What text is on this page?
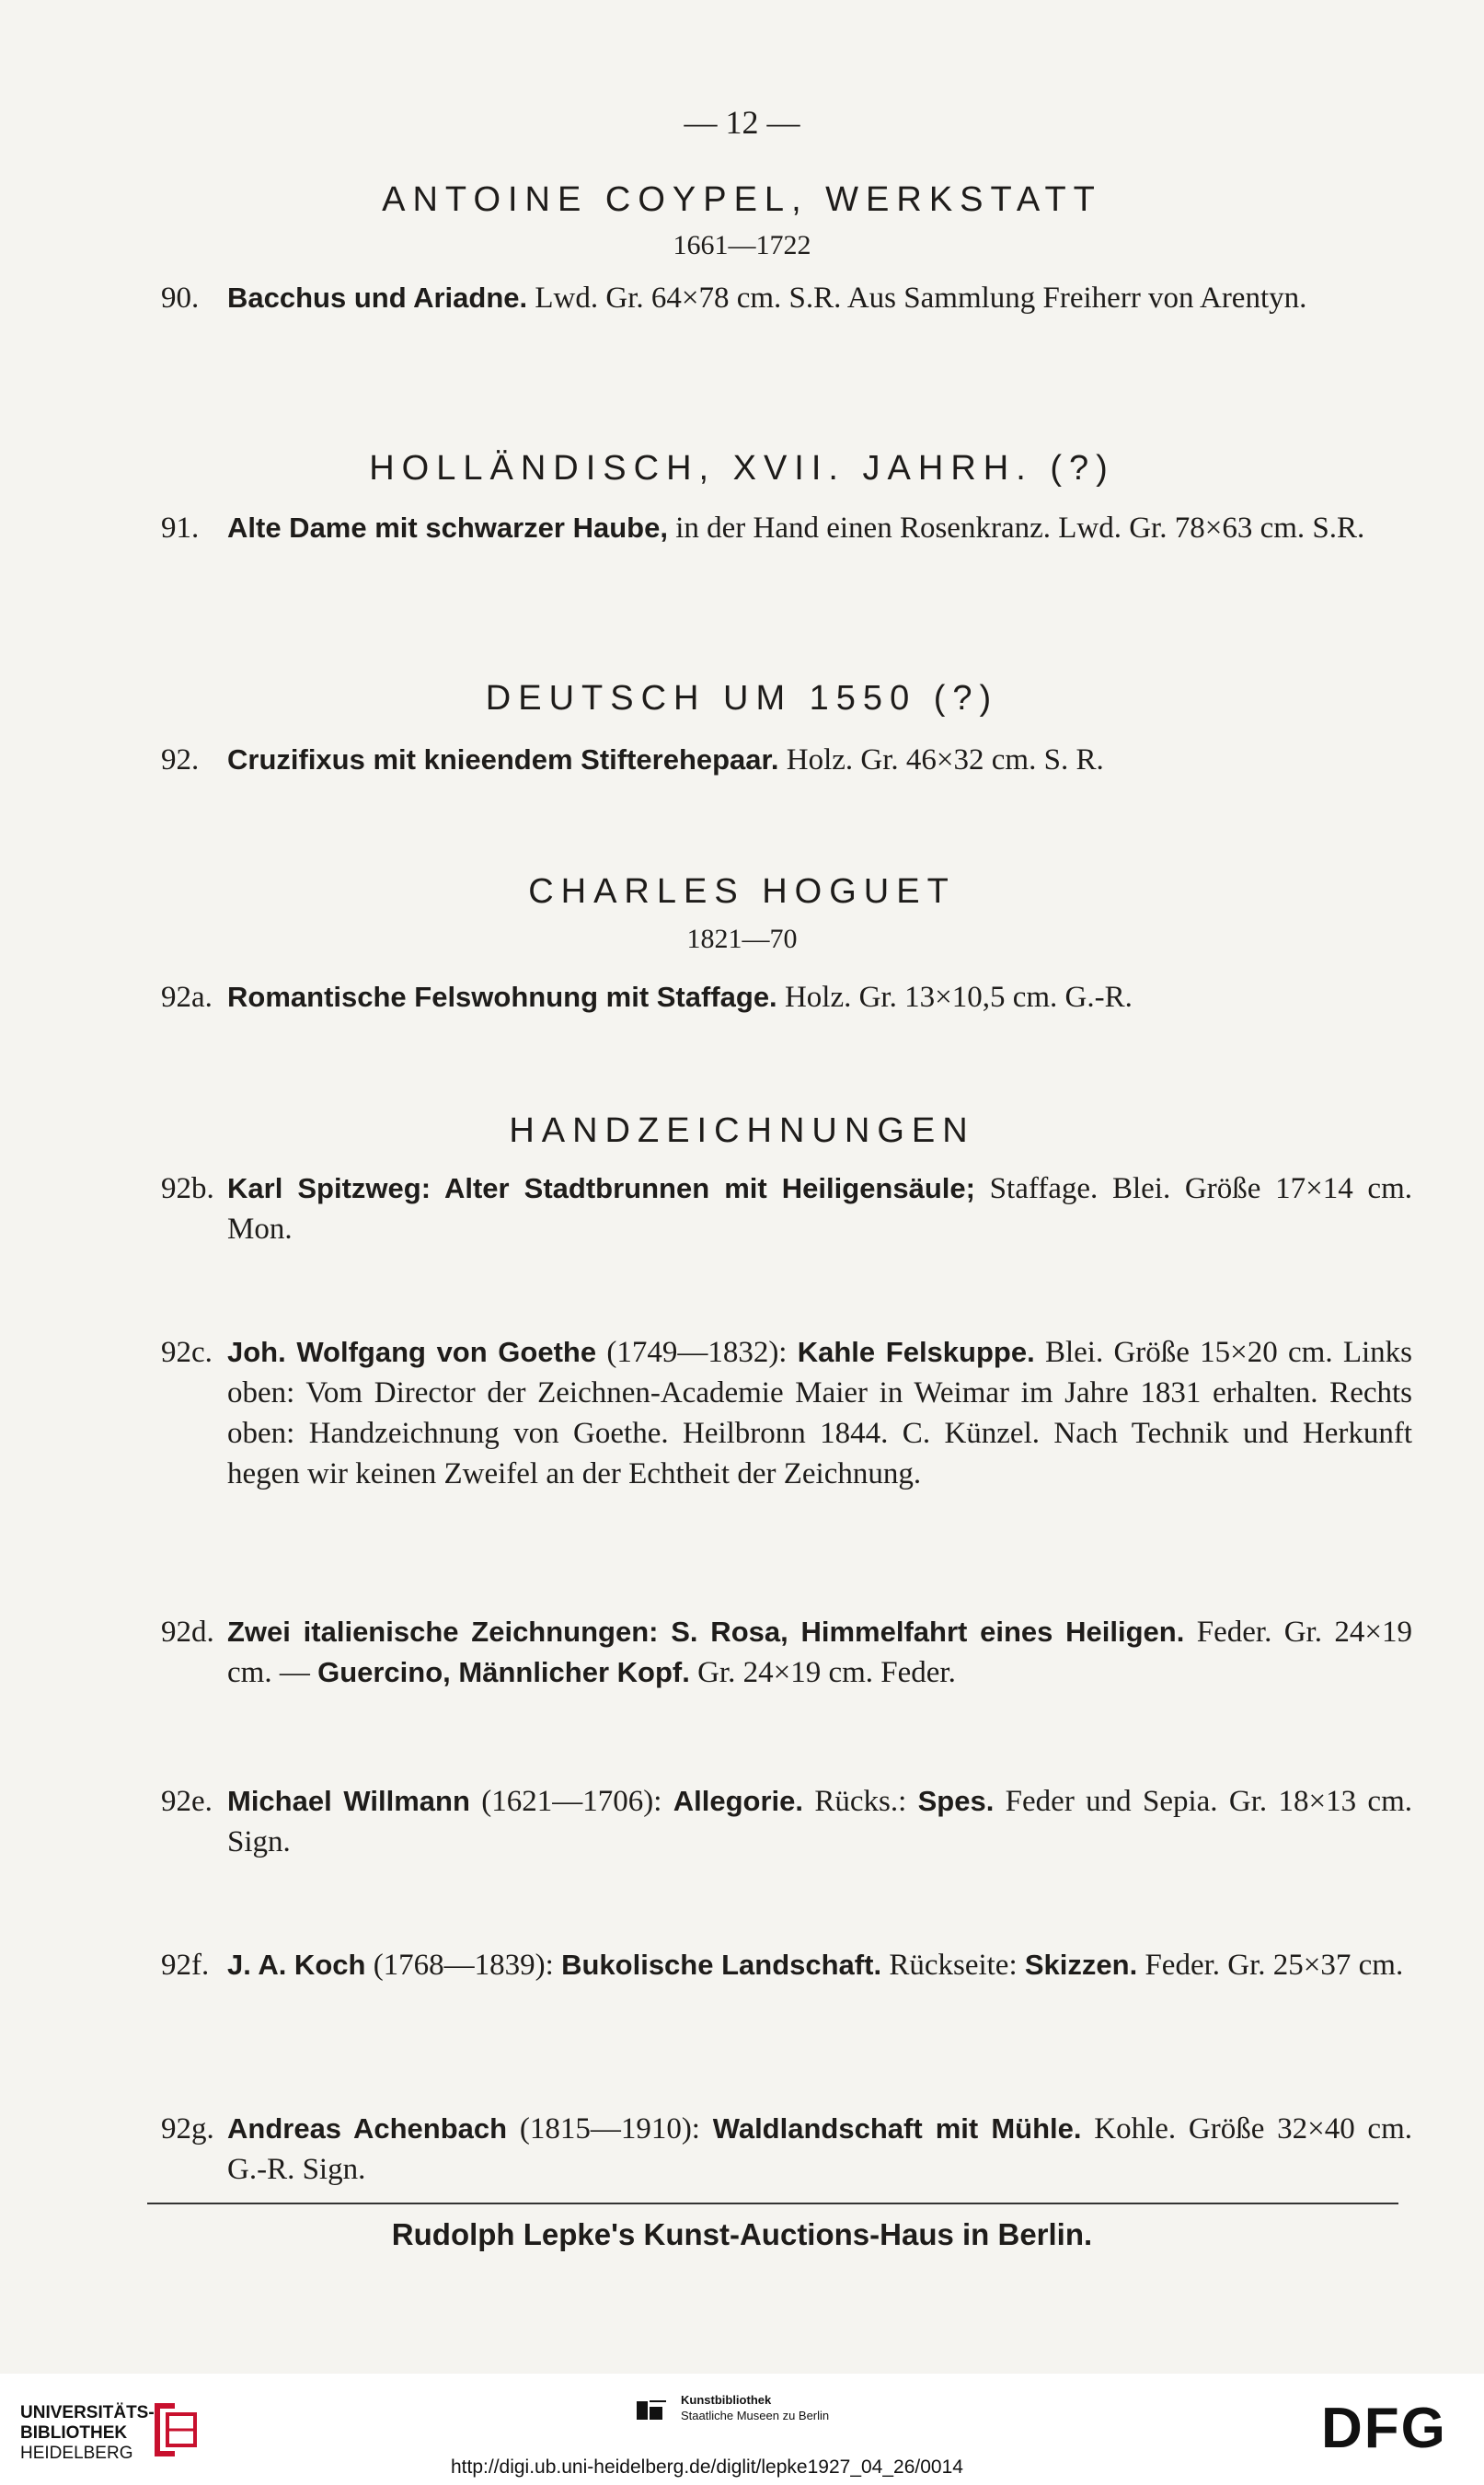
— 12 —
ANTOINE COYPEL, WERKSTATT
1661—1722
90. Bacchus und Ariadne. Lwd. Gr. 64×78 cm. S.R. Aus Sammlung Freiherr von Arentyn.
HOLLÄNDISCH, XVII. JAHRH. (?)
91. Alte Dame mit schwarzer Haube, in der Hand einen Rosenkranz. Lwd. Gr. 78×63 cm. S.R.
DEUTSCH UM 1550 (?)
92. Cruzifixus mit knieendem Stifterehepaar. Holz. Gr. 46×32 cm. S. R.
CHARLES HOGUET
1821—70
92a. Romantische Felswohnung mit Staffage. Holz. Gr. 13×10,5 cm. G.-R.
HANDZEICHNUNGEN
92b. Karl Spitzweg: Alter Stadtbrunnen mit Heiligensäule; Staffage. Blei. Größe 17×14 cm. Mon.
92c. Joh. Wolfgang von Goethe (1749—1832): Kahle Felskuppe. Blei. Größe 15×20 cm. Links oben: Vom Director der Zeichnen-Academie Maier in Weimar im Jahre 1831 erhalten. Rechts oben: Handzeichnung von Goethe. Heilbronn 1844. C. Künzel. Nach Technik und Herkunft hegen wir keinen Zweifel an der Echtheit der Zeichnung.
92d. Zwei italienische Zeichnungen: S. Rosa, Himmelfahrt eines Heiligen. Feder. Gr. 24×19 cm. — Guercino, Männlicher Kopf. Gr. 24×19 cm. Feder.
92e. Michael Willmann (1621—1706): Allegorie. Rücks.: Spes. Feder und Sepia. Gr. 18×13 cm. Sign.
92f. J. A. Koch (1768—1839): Bukolische Landschaft. Rückseite: Skizzen. Feder. Gr. 25×37 cm.
92g. Andreas Achenbach (1815—1910): Waldlandschaft mit Mühle. Kohle. Größe 32×40 cm. G.-R. Sign.
Rudolph Lepke's Kunst-Auctions-Haus in Berlin.
UNIVERSITÄTS-
BIBLIOTHEK
HEIDELBERG
Kunstbibliothek
Staatliche Museen zu Berlin	DFG
http://digi.ub.uni-heidelberg.de/diglit/lepke1927_04_26/0014
